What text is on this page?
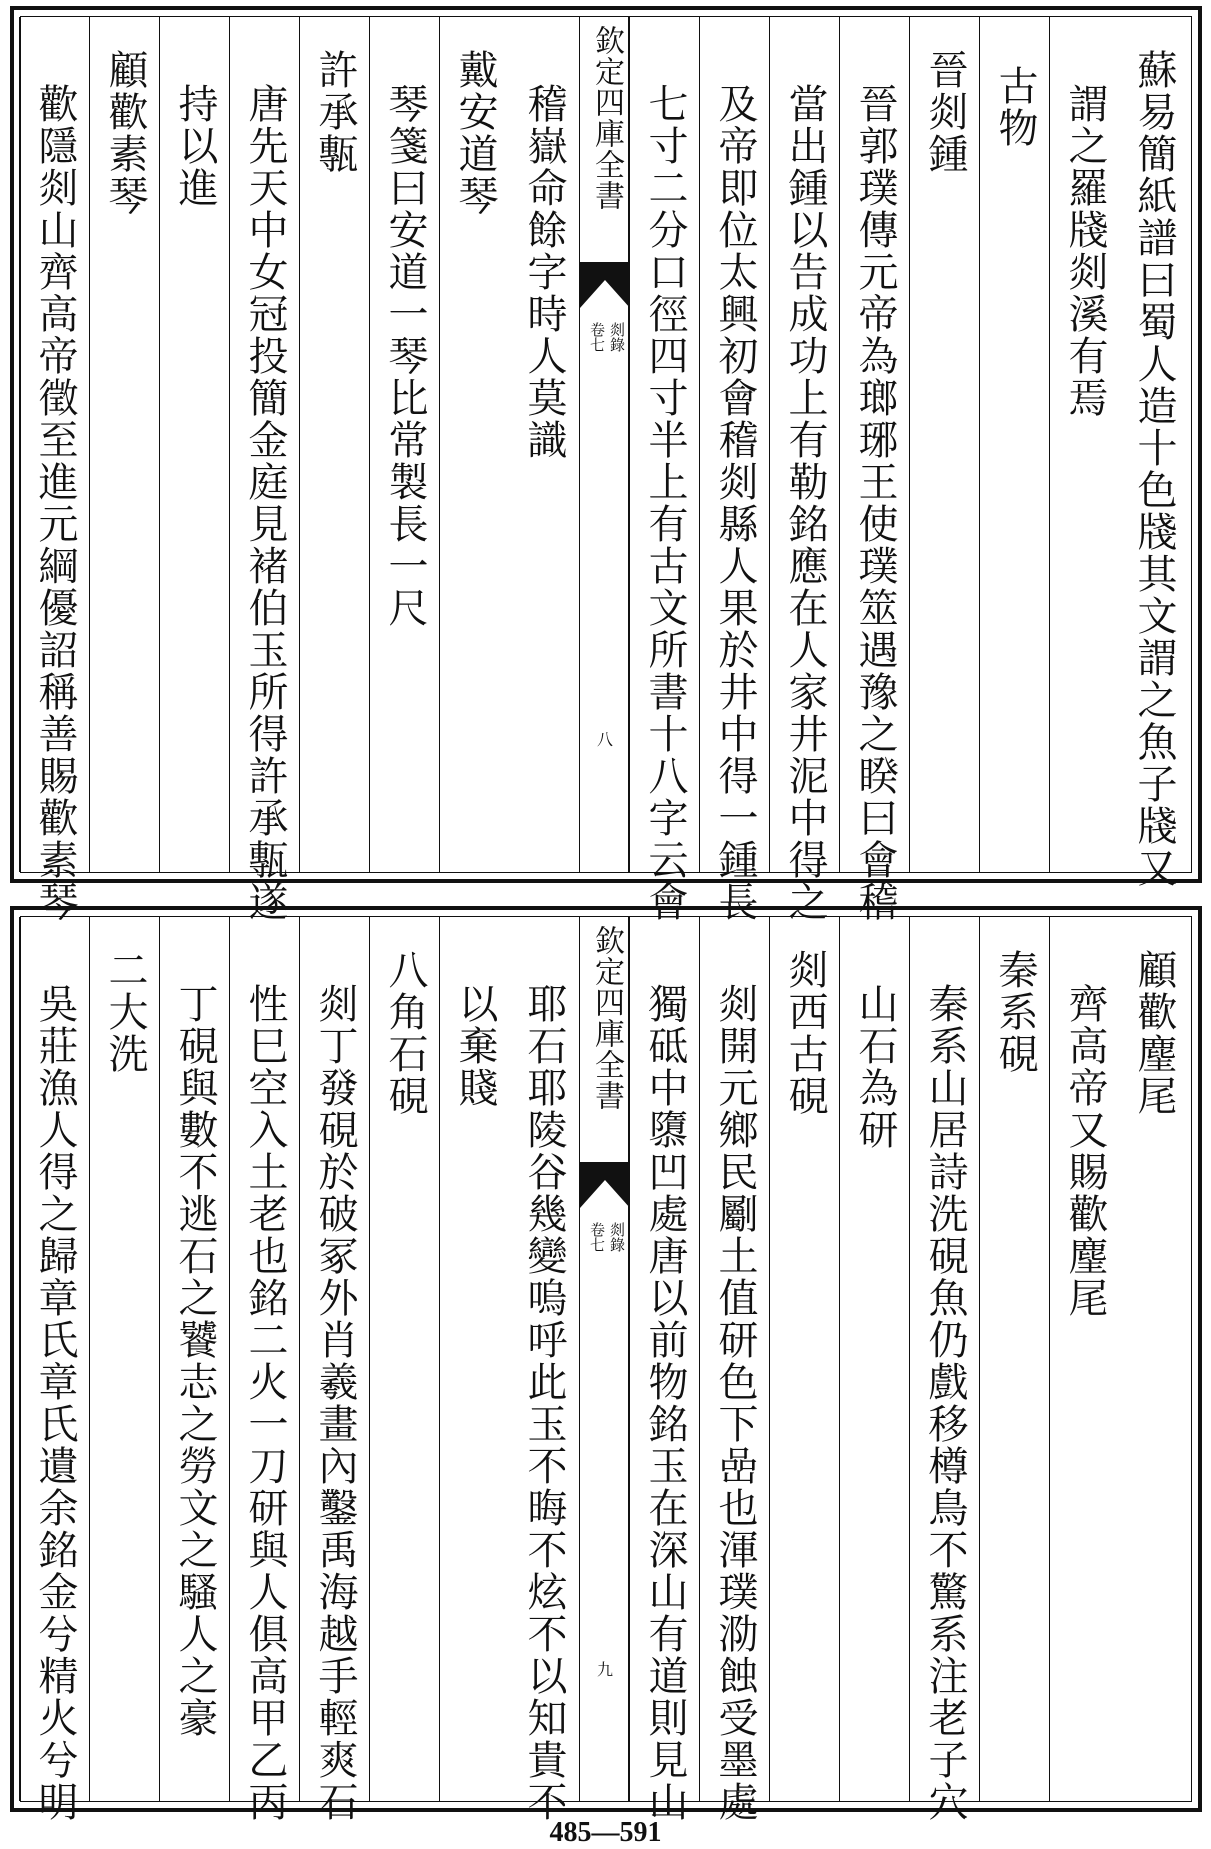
蘇易簡紙譜曰蜀人造十色牋其文謂之魚子牋又
謂之羅牋剡溪有焉
古物
晉剡鍾
晉郭璞傳元帝為瑯琊王使璞筮遇豫之睽曰會稽
當出鍾以告成功上有勒銘應在人家井泥中得之
及帝即位太興初會稽剡縣人果於井中得一鍾長
七寸二分口徑四寸半上有古文所書十八字云會
欽定四庫全書
剡錄
卷七
八
稽嶽命餘字時人莫識
戴安道琴
琴箋曰安道一琴比常製長一尺
許承甎
唐先天中女冠投簡金庭見褚伯玉所得許承甎遂
持以進
顧歡素琴
歡隱剡山齊高帝徵至進元綱優詔稱善賜歡素琴
顧歡麈尾
齊高帝又賜歡麈尾
秦系硯
秦系山居詩洗硯魚仍戲移樽鳥不驚系注老子穴
山石為研
剡西古硯
剡開元鄉民劚土值研色下嵒也渾璞泐蝕受墨處
獨砥中隳凹處唐以前物銘玉在深山有道則見山
欽定四庫全書
剡錄
卷七
九
耶石耶陵谷幾變嗚呼此玉不晦不炫不以知貴不
以棄賤
八角石硯
剡丁發硯於破冢外肖羲畫內鑿禹海越手輕爽石
性巳空入土老也銘二火一刀研與人俱高甲乙丙
丁硯與數不逃石之饕志之勞文之騷人之豪
二大洗
吳莊漁人得之歸章氏章氏遺余銘金兮精火兮明
485—591
